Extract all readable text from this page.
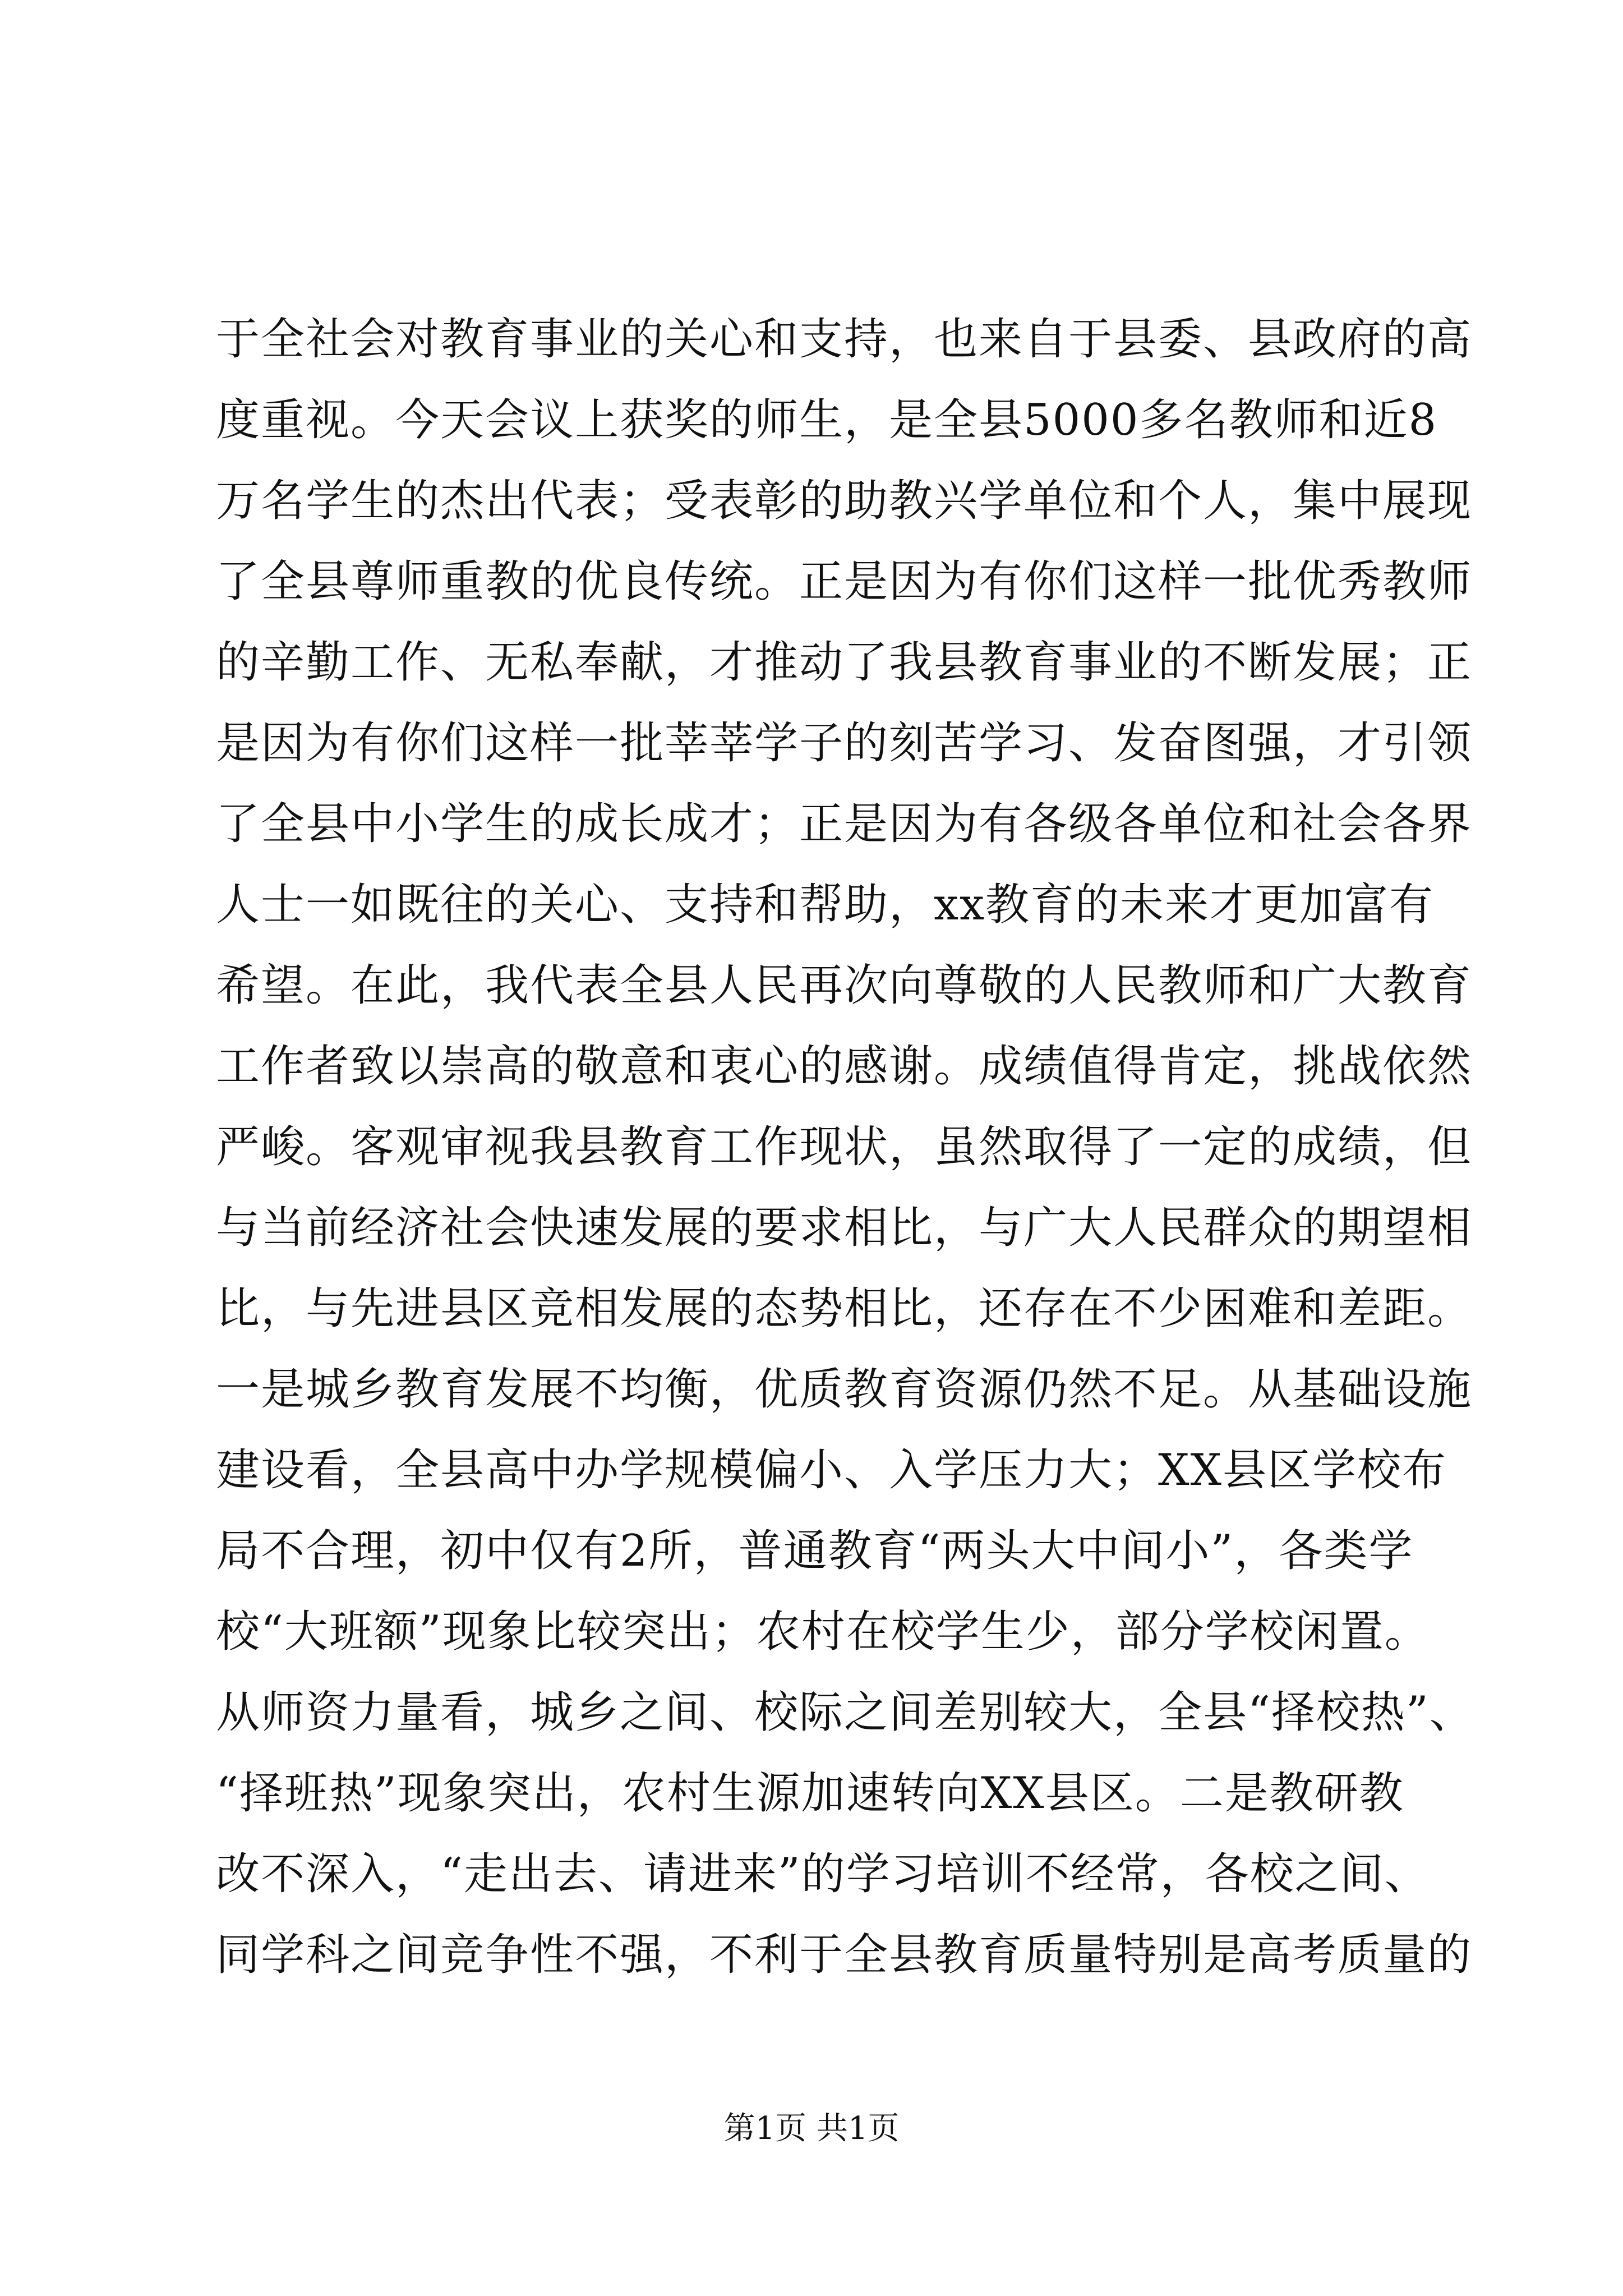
于全社会对教育事业的关心和支持，也来自于县委、县政府的高
度重视。今天会议上获奖的师生，是全县5000多名教师和近8
万名学生的杰出代表；受表彰的助教兴学单位和个人，集中展现
了全县尊师重教的优良传统。正是因为有你们这样一批优秀教师
的辛勤工作、无私奉献，才推动了我县教育事业的不断发展；正
是因为有你们这样一批莘莘学子的刻苦学习、发奋图强，才引领
了全县中小学生的成长成才；正是因为有各级各单位和社会各界
人士一如既往的关心、支持和帮助，xx教育的未来才更加富有
希望。在此，我代表全县人民再次向尊敬的人民教师和广大教育
工作者致以崇高的敬意和衷心的感谢。成绩值得肯定，挑战依然
严峻。客观审视我县教育工作现状，虽然取得了一定的成绩，但
与当前经济社会快速发展的要求相比，与广大人民群众的期望相
比，与先进县区竞相发展的态势相比，还存在不少困难和差距。
一是城乡教育发展不均衡，优质教育资源仍然不足。从基础设施
建设看，全县高中办学规模偏小、入学压力大；XX县区学校布
局不合理，初中仅有2所，普通教育“两头大中间小”，各类学
校“大班额”现象比较突出；农村在校学生少，部分学校闲置。
从师资力量看，城乡之间、校际之间差别较大，全县“择校热”、
“择班热”现象突出，农村生源加速转向XX县区。二是教研教
改不深入，“走出去、请进来”的学习培训不经常，各校之间、
同学科之间竞争性不强，不利于全县教育质量特别是高考质量的
第1页 共1页
